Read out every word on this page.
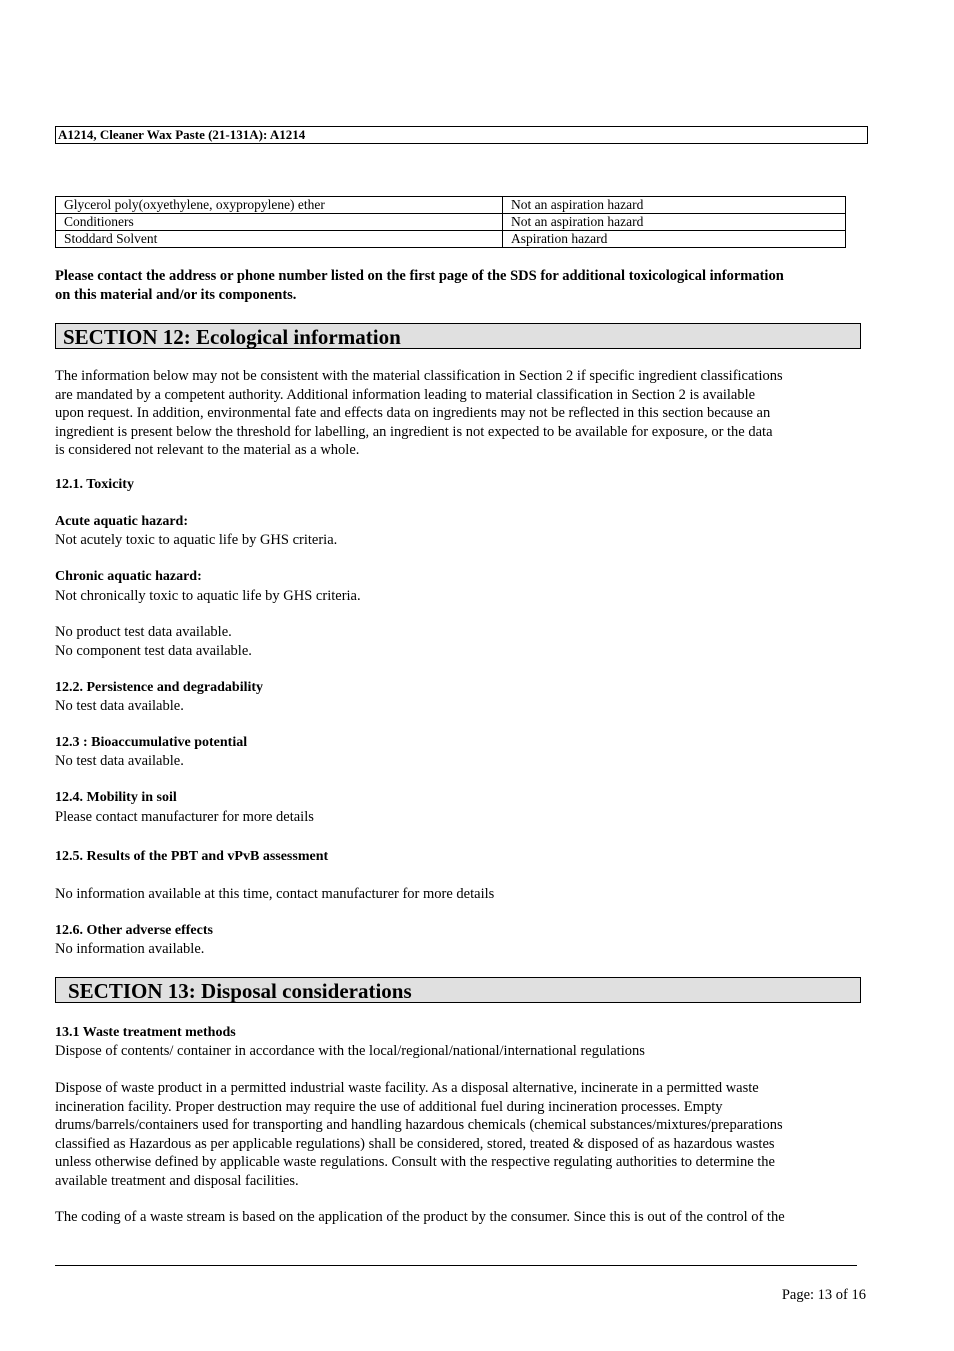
A1214, Cleaner Wax Paste (21-131A): A1214
Glycerol poly(oxyethylene, oxypropylene) ether	Not an aspiration hazard
Conditioners	Not an aspiration hazard
Stoddard Solvent	Aspiration hazard
Please contact the address or phone number listed on the first page of the SDS for additional toxicological information
on this material and/or its components.
SECTION 12: Ecological information
The information below may not be consistent with the material classification in Section 2 if specific ingredient classifications
are mandated by a competent authority. Additional information leading to material classification in Section 2 is available
upon request. In addition, environmental fate and effects data on ingredients may not be reflected in this section because an
ingredient is present below the threshold for labelling, an ingredient is not expected to be available for exposure, or the data
is considered not relevant to the material as a whole.
12.1. Toxicity
Acute aquatic hazard:
Not acutely toxic to aquatic life by GHS criteria.
Chronic aquatic hazard:
Not chronically toxic to aquatic life by GHS criteria.
No product test data available.
No component test data available.
12.2. Persistence and degradability
No test data available.
12.3 : Bioaccumulative potential
No test data available.
12.4. Mobility in soil
Please contact manufacturer for more details
12.5. Results of the PBT and vPvB assessment
No information available at this time, contact manufacturer for more details
12.6. Other adverse effects
No information available.
SECTION 13: Disposal considerations
13.1 Waste treatment methods
Dispose of contents/ container in accordance with the local/regional/national/international regulations
Dispose of waste product in a permitted industrial waste facility. As a disposal alternative, incinerate in a permitted waste
incineration facility. Proper destruction may require the use of additional fuel during incineration processes. Empty
drums/barrels/containers used for transporting and handling hazardous chemicals (chemical substances/mixtures/preparations
classified as Hazardous as per applicable regulations) shall be considered, stored, treated & disposed of as hazardous wastes
unless otherwise defined by applicable waste regulations. Consult with the respective regulating authorities to determine the
available treatment and disposal facilities.
The coding of a waste stream is based on the application of the product by the consumer. Since this is out of the control of the
Page: 13 of 16
